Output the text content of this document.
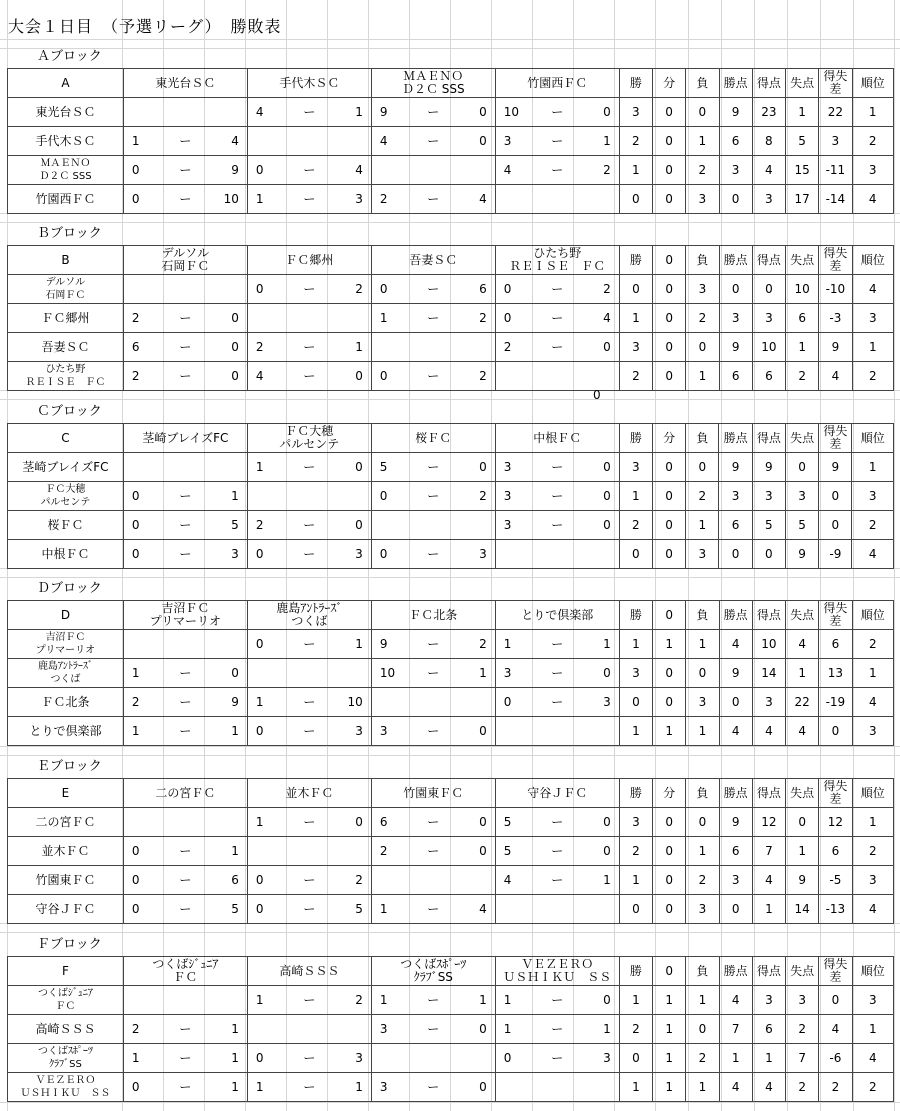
大会１日目　（予選リーグ）　勝敗表
Ａブロック
A	東光台ＳＣ	手代木ＳＣ	ＭＡＥＮＯ
Ｄ２Ｃ SSS	竹園西ＦＣ	勝	分	負	勝点	得点	失点	得失差	順位
東光台ＳＣ		4 ー 1	9 ー 0	10 ー 0	3	0	0	9	23	1	22	1
手代木ＳＣ	1 ー 4		4 ー 0	3 ー 1	2	0	1	6	8	5	3	2
ＭＡＥＮＯ
Ｄ２Ｃ SSS	0 ー 9	0 ー 4		4 ー 2	1	0	2	3	4	15	-11	3
竹園西ＦＣ	0 ー 10	1 ー 3	2 ー 4		0	0	3	0	3	17	-14	4
Ｂブロック
B	デルソル
石岡ＦＣ	ＦＣ郷州	吾妻ＳＣ	ひたち野
ＲＥＩＳＥ　ＦＣ	勝	0	負	勝点	得点	失点	得失差	順位
デルソル
石岡ＦＣ		0 ー 2	0 ー 6	0 ー 2	0	0	3	0	0	10	-10	4
ＦＣ郷州	2 ー 0		1 ー 2	0 ー 4	1	0	2	3	3	6	-3	3
吾妻ＳＣ	6 ー 0	2 ー 1		2 ー 0	3	0	0	9	10	1	9	1
ひたち野
ＲＥＩＳＥ　ＦＣ	2 ー 0	4 ー 0	0 ー 2		2	0	1	6	6	2	4	2
Ｃブロック
C	茎崎ブレイズFC	ＦＣ大穂
パルセンテ	桜ＦＣ	中根ＦＣ	勝	分	負	勝点	得点	失点	得失差	順位
茎崎ブレイズFC		1 ー 0	5 ー 0	3 ー 0	3	0	0	9	9	0	9	1
ＦＣ大穂
パルセンテ	0 ー 1		0 ー 2	3 ー 0	1	0	2	3	3	3	0	3
桜ＦＣ	0 ー 5	2 ー 0		3 ー 0	2	0	1	6	5	5	0	2
中根ＦＣ	0 ー 3	0 ー 3	0 ー 3		0	0	3	0	0	9	-9	4
Ｄブロック
D	吉沼ＦＣ
プリマーリオ	鹿島ｱﾝﾄﾗｰｽﾞ
つくば	ＦＣ北条	とりで倶楽部	勝	0	負	勝点	得点	失点	得失差	順位
吉沼ＦＣ
プリマーリオ		0 ー 1	9 ー 2	1 ー 1	1	1	1	4	10	4	6	2
鹿島ｱﾝﾄﾗｰｽﾞ
つくば	1 ー 0		10 ー 1	3 ー 0	3	0	0	9	14	1	13	1
ＦＣ北条	2 ー 9	1 ー 10		0 ー 3	0	0	3	0	3	22	-19	4
とりで倶楽部	1 ー 1	0 ー 3	3 ー 0		1	1	1	4	4	4	0	3
Ｅブロック
E	二の宮ＦＣ	並木ＦＣ	竹園東ＦＣ	守谷ＪＦＣ	勝	分	負	勝点	得点	失点	得失差	順位
二の宮ＦＣ		1 ー 0	6 ー 0	5 ー 0	3	0	0	9	12	0	12	1
並木ＦＣ	0 ー 1		2 ー 0	5 ー 0	2	0	1	6	7	1	6	2
竹園東ＦＣ	0 ー 6	0 ー 2		4 ー 1	1	0	2	3	4	9	-5	3
守谷ＪＦＣ	0 ー 5	0 ー 5	1 ー 4		0	0	3	0	1	14	-13	4
Ｆブロック
F	つくばｼﾞｭﾆｱ
ＦＣ	高崎ＳＳＳ	つくばｽﾎﾟｰﾂ
ｸﾗﾌﾞSS	ＶＥＺＥＲＯ
ＵＳＨＩＫＵ　ＳＳ	勝	0	負	勝点	得点	失点	得失差	順位
つくばｼﾞｭﾆｱ
ＦＣ		1 ー 2	1 ー 1	1 ー 0	1	1	1	4	3	3	0	3
高崎ＳＳＳ	2 ー 1		3 ー 0	1 ー 1	2	1	0	7	6	2	4	1
つくばｽﾎﾟｰﾂ
ｸﾗﾌﾞSS	1 ー 1	0 ー 3		0 ー 3	0	1	2	1	1	7	-6	4
ＶＥＺＥＲＯ
ＵＳＨＩＫＵ　ＳＳ	0 ー 1	1 ー 1	3 ー 0		1	1	1	4	4	2	2	2
0
